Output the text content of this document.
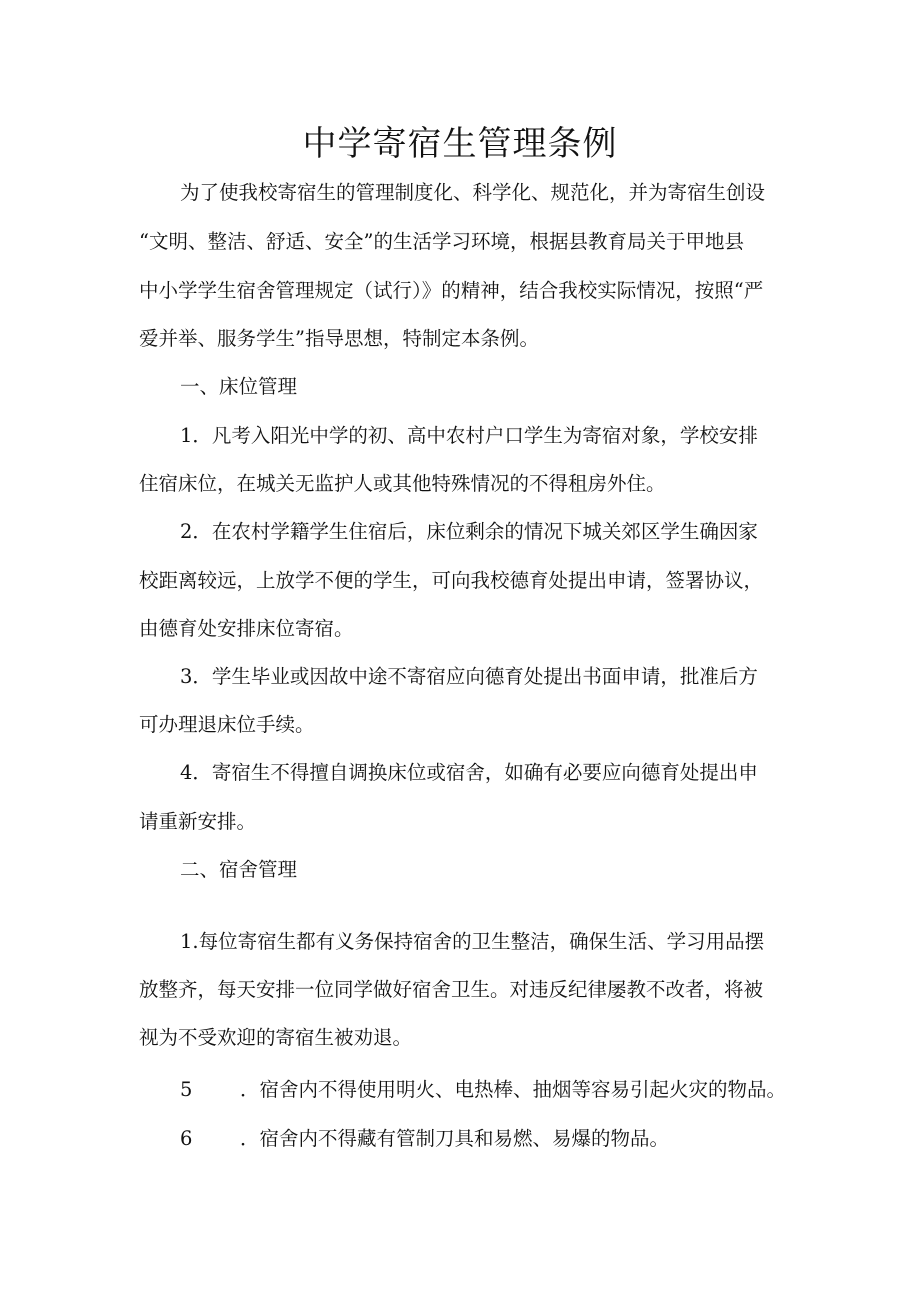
中学寄宿生管理条例

为了使我校寄宿生的管理制度化、科学化、规范化，并为寄宿生创设

“文明、整洁、舒适、安全”的生活学习环境，根据县教育局关于甲地县

中小学学生宿舍管理规定（试行）》的精神，结合我校实际情况，按照“严

爱并举、服务学生”指导思想，特制定本条例。

一、床位管理

1．凡考入阳光中学的初、高中农村户口学生为寄宿对象，学校安排

住宿床位，在城关无监护人或其他特殊情况的不得租房外住。

2．在农村学籍学生住宿后，床位剩余的情况下城关郊区学生确因家

校距离较远，上放学不便的学生，可向我校德育处提出申请，签署协议，

由德育处安排床位寄宿。

3．学生毕业或因故中途不寄宿应向德育处提出书面申请，批准后方

可办理退床位手续。

4．寄宿生不得擅自调换床位或宿舍，如确有必要应向德育处提出申

请重新安排。

二、宿舍管理

1.每位寄宿生都有义务保持宿舍的卫生整洁，确保生活、学习用品摆

放整齐，每天安排一位同学做好宿舍卫生。对违反纪律屡教不改者，将被

视为不受欢迎的寄宿生被劝退。

5 ．宿舍内不得使用明火、电热棒、抽烟等容易引起火灾的物品。

6 ．宿舍内不得藏有管制刀具和易燃、易爆的物品。
